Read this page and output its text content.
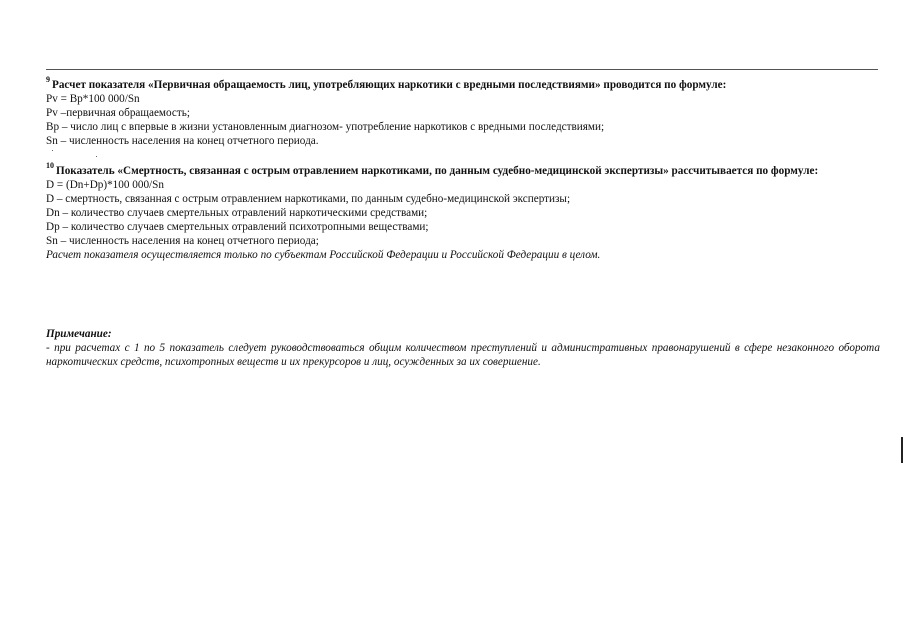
$^9$ Расчет показателя «Первичная обращаемость лиц, употребляющих наркотики с вредными последствиями» проводится по формуле:

Pv = Bp*100 000/Sn

Pv –первичная обращаемость;

Bp – число лиц с впервые в жизни установленным диагнозом- употребление наркотиков с вредными последствиями;

Sn – численность населения на конец отчетного периода.

$^{10}$ Показатель «Смертность, связанная с острым отравлением наркотиками, по данным судебно-медицинской экспертизы» рассчитывается по формуле:

D = (Dn+Dp)*100 000/Sn

D – смертность, связанная с острым отравлением наркотиками, по данным судебно-медицинской экспертизы;

Dn – количество случаев смертельных отравлений наркотическими средствами;

Dp – количество случаев смертельных отравлений психотропными веществами;

Sn – численность населения на конец отчетного периода;

Расчет показателя осуществляется только по субъектам Российской Федерации и Российской Федерации в целом.

Примечание:

- при расчетах с 1 по 5 показатель следует руководствоваться общим количеством преступлений и административных правонарушений в сфере незаконного оборота наркотических средств, психотропных веществ и их прекурсоров и лиц, осужденных за их совершение.
